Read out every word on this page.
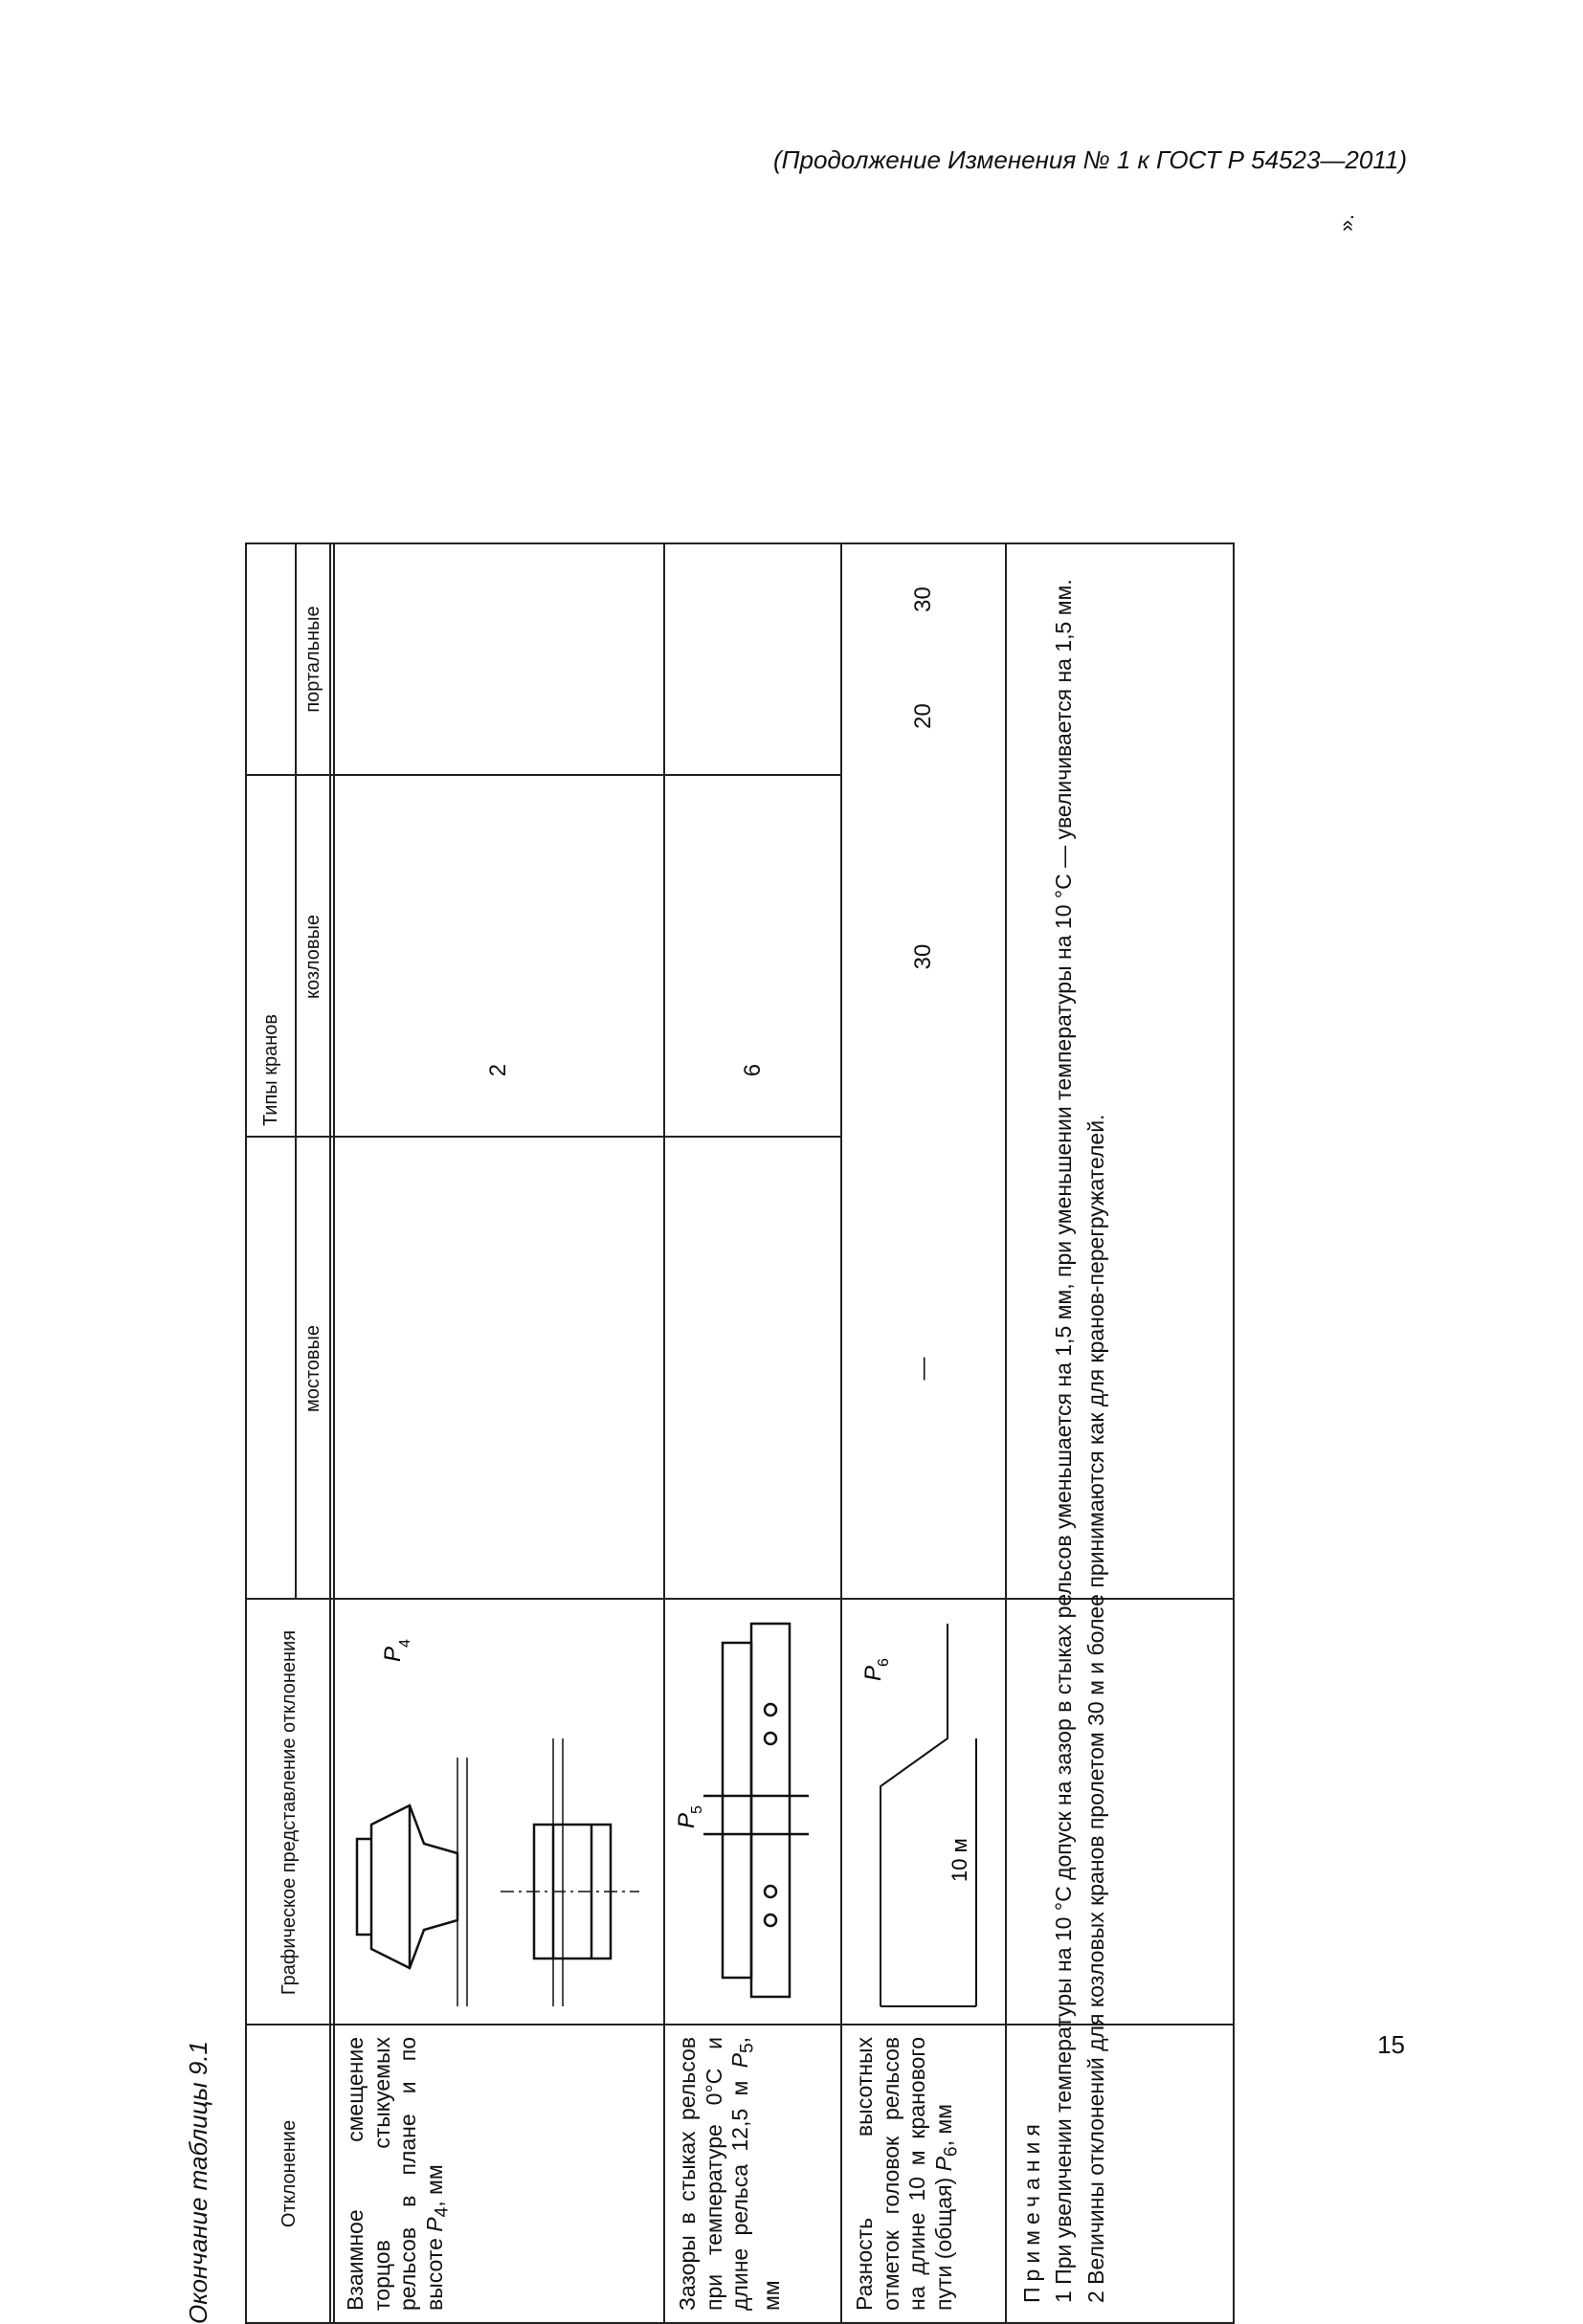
(Продолжение Изменения № 1 к ГОСТ Р 54523—2011)
».
15
Окончание таблицы 9.1	Отклонение
Графическое представление отклонения
Типы кранов
мостовые
козловые
портальные
Взаимное смещение торцов стыкуемых рельсов в плане и по высоте $P_4$, мм
P
4
2
Зазоры в стыках рельсов при температуре 0°С и длине рельса 12,5 м $P_5$, мм
P
5
6
Разность высотных отметок головок рельсов на длине 10 м кранового пути (общая) $P_6$, мм
10 м
P
6
—
30
20
30
Примечания 1 При увеличении температуры на 10 °С допуск на зазор в стыках рельсов уменьшается на 1,5 мм, при уменьшении температуры на 10 °С — увеличивается на 1,5 мм. 2 Величины отклонений для козловых кранов пролетом 30 м и более принимаются как для кранов-перегружателей.
